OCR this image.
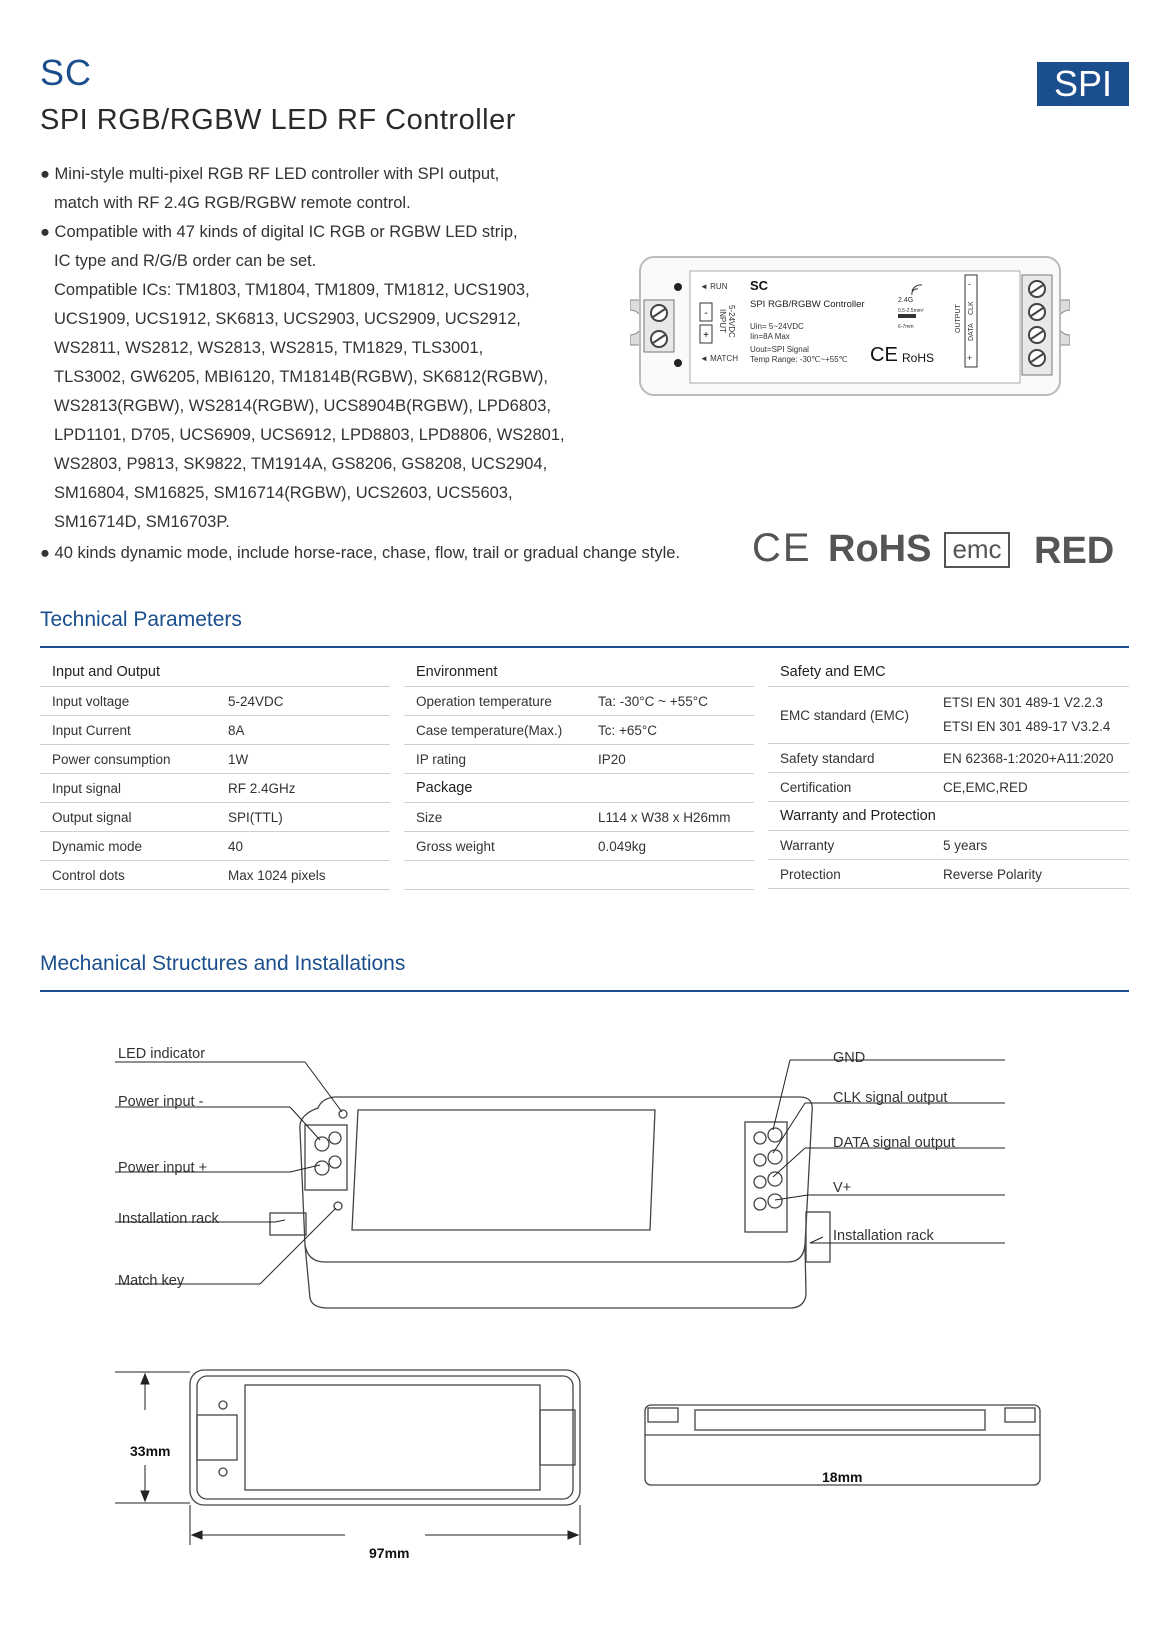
SC
SPI RGB/RGBW LED RF Controller
SPI
● Mini-style multi-pixel RGB RF LED controller with SPI output,
match with RF 2.4G RGB/RGBW remote control.
● Compatible with 47 kinds of digital IC RGB or RGBW LED strip,
IC type and R/G/B order can be set.
Compatible ICs: TM1803, TM1804, TM1809, TM1812, UCS1903,
UCS1909, UCS1912, SK6813, UCS2903, UCS2909, UCS2912,
WS2811, WS2812, WS2813, WS2815, TM1829, TLS3001,
TLS3002, GW6205, MBI6120, TM1814B(RGBW), SK6812(RGBW),
WS2813(RGBW), WS2814(RGBW), UCS8904B(RGBW), LPD6803,
LPD1101, D705, UCS6909, UCS6912, LPD8803, LPD8806, WS2801,
WS2803, P9813, SK9822, TM1914A, GS8206, GS8208, UCS2904,
SM16804, SM16825, SM16714(RGBW), UCS2603, UCS5603,
SM16714D, SM16703P.
● 40 kinds dynamic mode, include horse-race, chase, flow, trail or gradual change style.
-
+
◄ RUN
◄ MATCH
INPUT 5-24VDC
SC
SPI RGB/RGBW Controller
Uin= 5~24VDC
Iin=8A Max
Uout=SPI Signal
Temp Range: -30℃~+55℃
2.4G
0.5-2.5mm²
6-7mm
CE RoHS
OUTPUT DATA
CLK
-
+
CE RoHS emc RED
Technical Parameters
Input and Output	
Input voltage	5-24VDC
Input Current	8A
Power consumption	1W
Input signal	RF 2.4GHz
Output signal	SPI(TTL)
Dynamic mode	40
Control dots	Max 1024 pixels
Environment	
Operation temperature	Ta: -30°C ~ +55°C
Case temperature(Max.)	Tc: +65°C
IP rating	IP20
Package	
Size	L114 x W38 x H26mm
Gross weight	0.049kg

Safety and EMC	
EMC standard (EMC)	ETSI EN 301 489-1 V2.2.3
ETSI EN 301 489-17 V3.2.4

Safety standard	EN 62368-1:2020+A11:2020
Certification	CE,EMC,RED
Warranty and Protection	
Warranty	5 years
Protection	Reverse Polarity
Mechanical Structures and Installations
LED indicator
Power input -
Power input +
Installation rack
Match key
GND
CLK signal output
DATA signal output
V+
Installation rack
33mm
97mm
18mm
